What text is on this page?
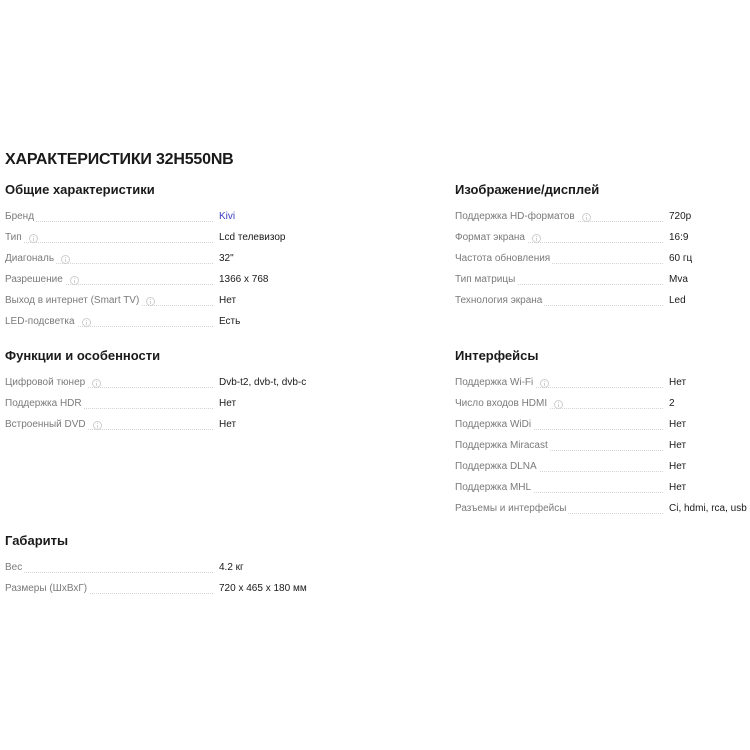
ХАРАКТЕРИСТИКИ 32H550NB
Общие характеристики
Бренд	Kivi
Тип	Lcd телевизор
Диагональ	32"
Разрешение	1366 x 768
Выход в интернет (Smart TV)	Нет
LED-подсветка	Есть
Изображение/дисплей
Поддержка HD-форматов	720p
Формат экрана	16:9
Частота обновления	60 гц
Тип матрицы	Mva
Технология экрана	Led
Функции и особенности
Цифровой тюнер	Dvb-t2, dvb-t, dvb-c
Поддержка HDR	Нет
Встроенный DVD	Нет
Интерфейсы
Поддержка Wi-Fi	Нет
Число входов HDMI	2
Поддержка WiDi	Нет
Поддержка Miracast	Нет
Поддержка DLNA	Нет
Поддержка MHL	Нет
Разъемы и интерфейсы	Ci, hdmi, rca, usb
Габариты
Вес	4.2 кг
Размеры (ШхВхГ)	720 x 465 x 180 мм
